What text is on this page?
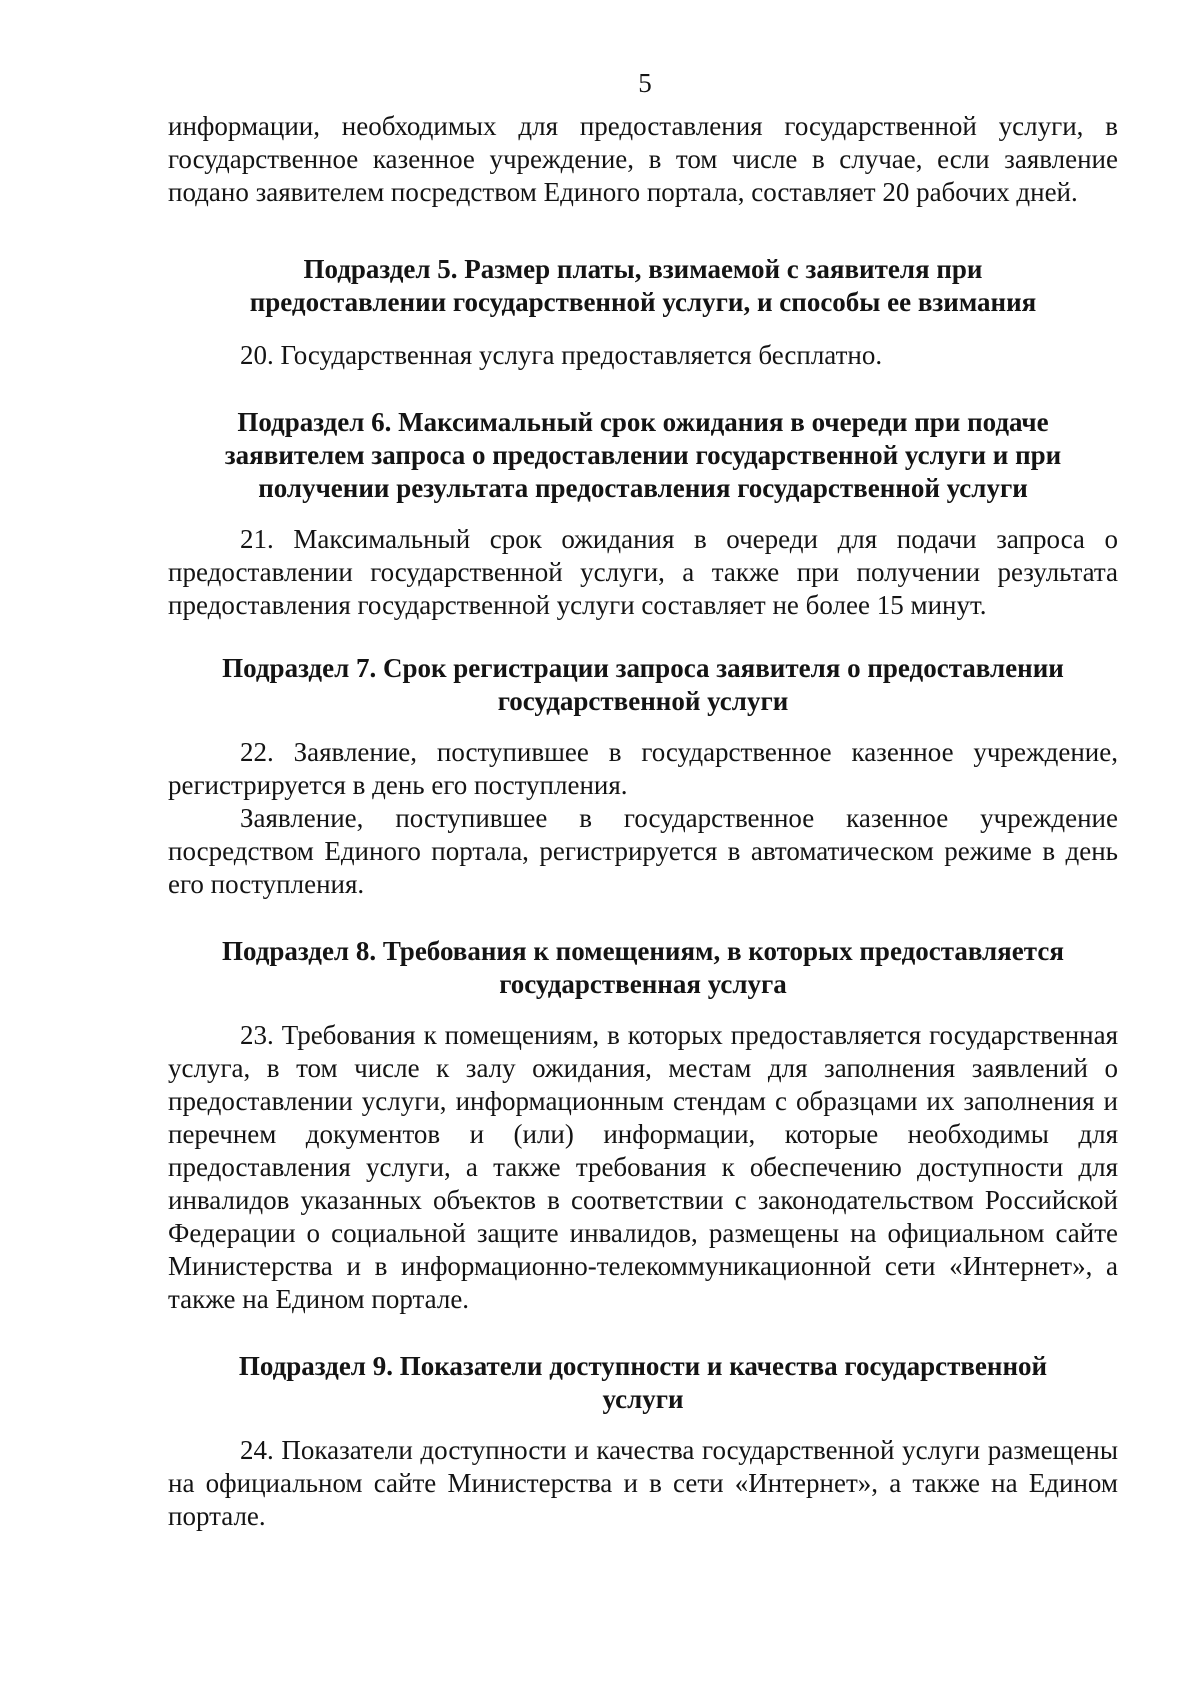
5

информации, необходимых для предоставления государственной услуги, в государственное казенное учреждение, в том числе в случае, если заявление подано заявителем посредством Единого портала, составляет 20 рабочих дней.

Подраздел 5. Размер платы, взимаемой с заявителя при предоставлении государственной услуги, и способы ее взимания

20. Государственная услуга предоставляется бесплатно.

Подраздел 6. Максимальный срок ожидания в очереди при подаче заявителем запроса о предоставлении государственной услуги и при получении результата предоставления государственной услуги

21. Максимальный срок ожидания в очереди для подачи запроса о предоставлении государственной услуги, а также при получении результата предоставления государственной услуги составляет не более 15 минут.

Подраздел 7. Срок регистрации запроса заявителя о предоставлении государственной услуги

22. Заявление, поступившее в государственное казенное учреждение, регистрируется в день его поступления.

Заявление, поступившее в государственное казенное учреждение посредством Единого портала, регистрируется в автоматическом режиме в день его поступления.

Подраздел 8. Требования к помещениям, в которых предоставляется государственная услуга

23. Требования к помещениям, в которых предоставляется государственная услуга, в том числе к залу ожидания, местам для заполнения заявлений о предоставлении услуги, информационным стендам с образцами их заполнения и перечнем документов и (или) информации, которые необходимы для предоставления услуги, а также требования к обеспечению доступности для инвалидов указанных объектов в соответствии с законодательством Российской Федерации о социальной защите инвалидов, размещены на официальном сайте Министерства и в информационно-телекоммуникационной сети «Интернет», а также на Едином портале.

Подраздел 9. Показатели доступности и качества государственной услуги

24. Показатели доступности и качества государственной услуги размещены на официальном сайте Министерства и в сети «Интернет», а также на Едином портале.
